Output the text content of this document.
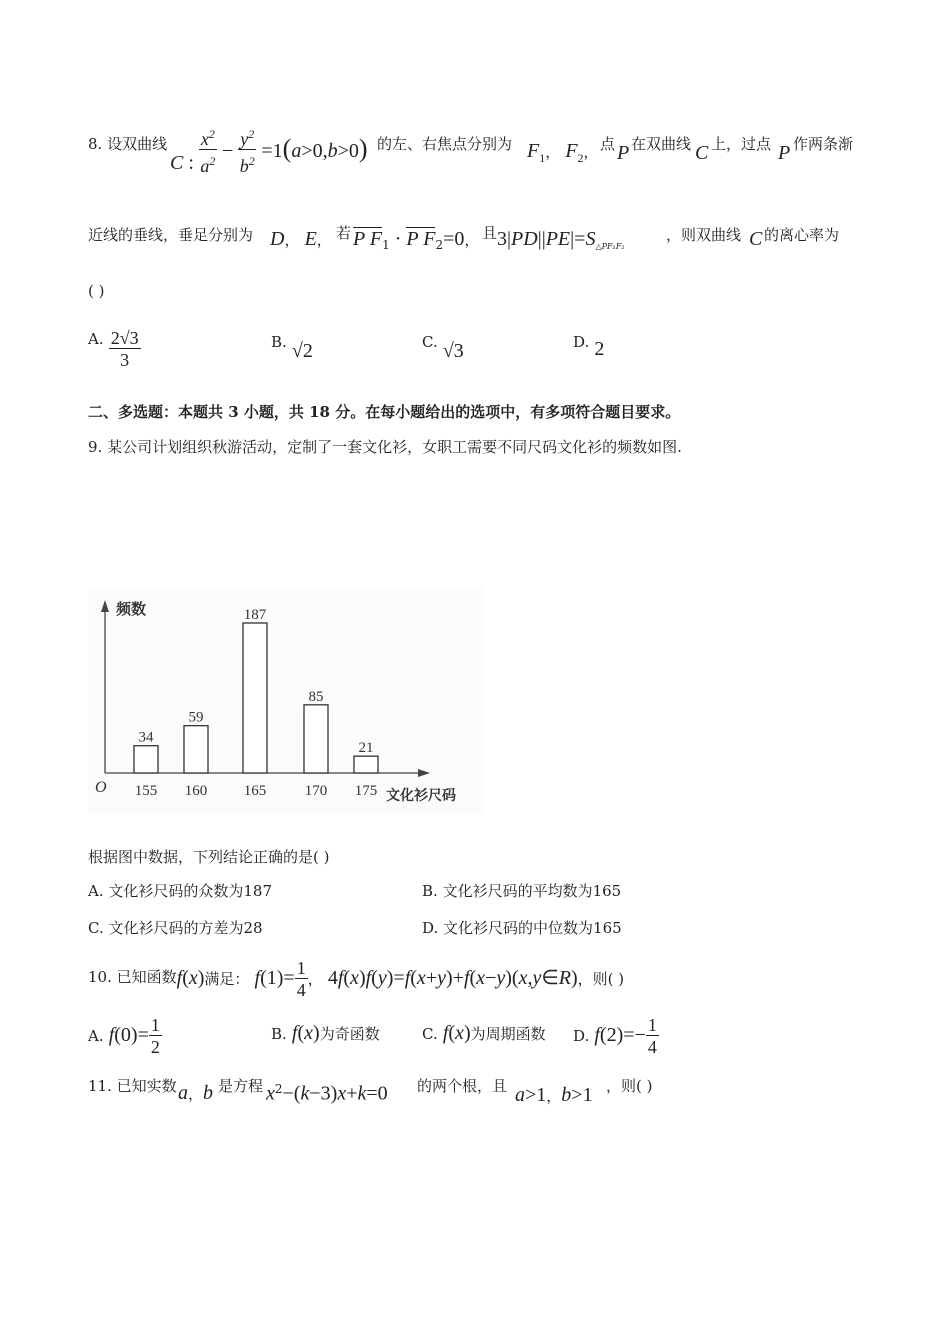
8. 设双曲线
C : $\frac{x^2}{a^2} - \frac{y^2}{b^2} =1(a>0,b>0)$ 的左、右焦点分别为 $F_1$， $F_2$， 点 P 在双曲线 C 上，过点 P 作两条渐
近线的垂线，垂足分别为 D， E， 若 P $F_1 \cdot P$ $F_2=0$， 且 $3|PD||PE|=S_{\triangle PF_1F_2}$
，则双曲线 C 的离心率为
( )
A. $\frac{2√3}{3}$	B. √2	C. √3	D. 2
二、多选题：本题共 3 小题，共 18 分。在每小题给出的选项中，有多项符合题目要求。
9. 某公司计划组织秋游活动，定制了一套文化衫，女职工需要不同尺码文化衫的频数如图.
34
59
187
85
21
155 160 165	170 175
O
频数
文化衫尺码
根据图中数据，下列结论正确的是( )
A. 文化衫尺码的众数为187	B. 文化衫尺码的平均数为165
C. 文化衫尺码的方差为28	D. 文化衫尺码的中位数为165
10. 已知函数f(x)满足： $f(1)= \frac{1}{4}$ ， 4f(x)f(y)=f(x+y)+f(x−y)(x,y∈R)，则( )
A. $f(0)= \frac{1}{2}$	B. f(x)为奇函数	C. f(x)为周期函数 D. $f(2)=- \frac{1}{4}$
11. 已知实数 a，b 是方程 $x^2-(k-3)x+k=0$ 的两个根，且 a>1，b>1 ，则( )
